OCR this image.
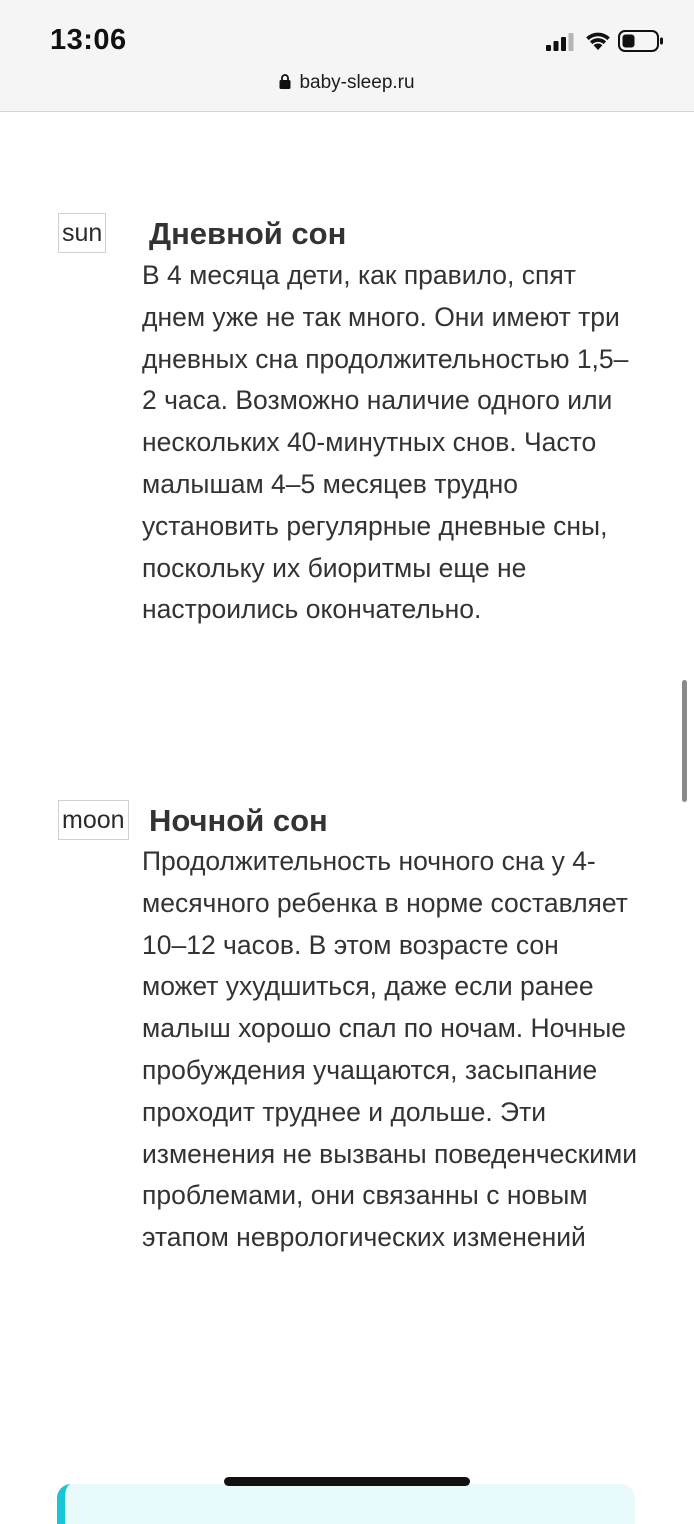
13:06
baby-sleep.ru
sun Дневной сон

В 4 месяца дети, как правило, спят днем уже не так много. Они имеют три дневных сна продолжительностью 1,5–2 часа. Возможно наличие одного или нескольких 40-минутных снов. Часто малышам 4–5 месяцев трудно установить регулярные дневные сны, поскольку их биоритмы еще не настроились окончательно.

moon Ночной сон

Продолжительность ночного сна у 4-месячного ребенка в норме составляет 10–12 часов. В этом возрасте сон может ухудшиться, даже если ранее малыш хорошо спал по ночам. Ночные пробуждения учащаются, засыпание проходит труднее и дольше. Эти изменения не вызваны поведенческими проблемами, они связанны с новым этапом неврологических изменений
